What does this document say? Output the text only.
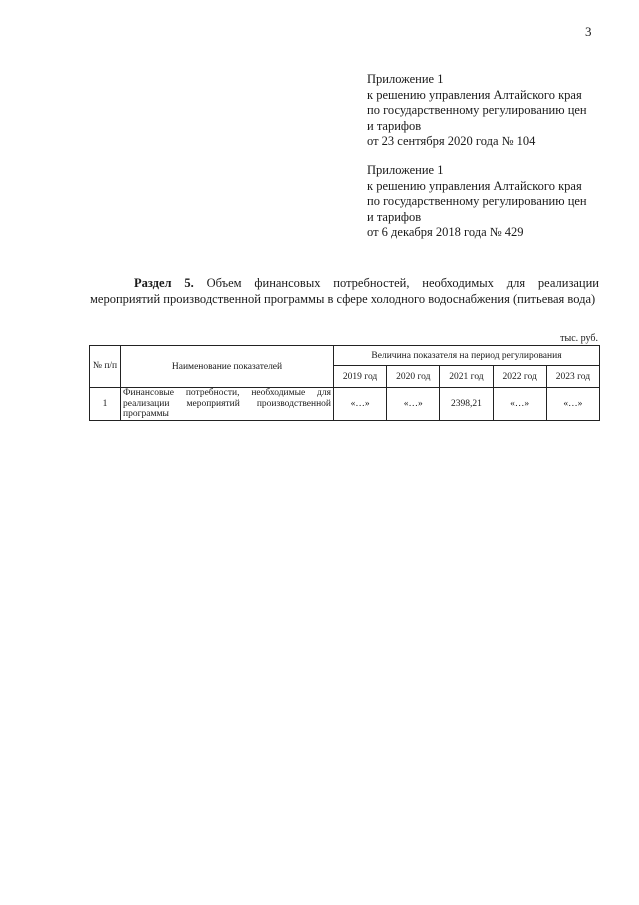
3
Приложение 1
к решению управления Алтайского края
по государственному регулированию цен
и тарифов
от 23 сентября 2020 года № 104
Приложение 1
к решению управления Алтайского края
по государственному регулированию цен
и тарифов
от 6 декабря 2018 года № 429
Раздел 5. Объем финансовых потребностей, необходимых для реализации мероприятий производственной программы в сфере холодного водоснабжения (питьевая вода)
тыс. руб.
№ п/п	Наименование показателей	Величина показателя на период регулирования				
		2019 год	2020 год	2021 год	2022 год	2023 год
1	Финансовые потребности, необходимые для реализации мероприятий производственной программы	«…»	«…»	2398,21	«…»	«…»
